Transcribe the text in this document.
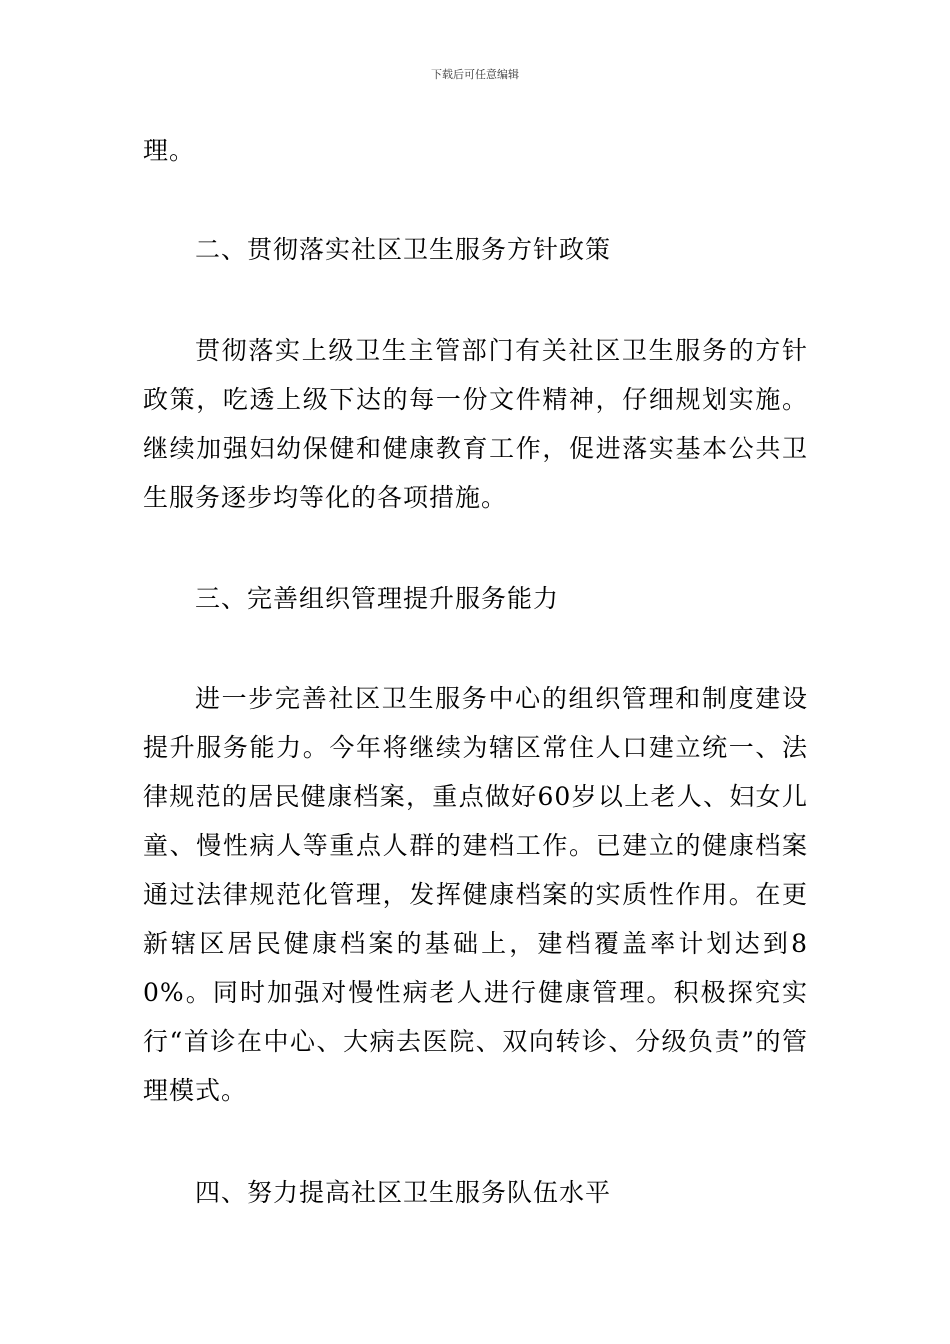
下载后可任意编辑

理。

二、贯彻落实社区卫生服务方针政策

贯彻落实上级卫生主管部门有关社区卫生服务的方针政策，吃透上级下达的每一份文件精神，仔细规划实施。继续加强妇幼保健和健康教育工作，促进落实基本公共卫生服务逐步均等化的各项措施。

三、完善组织管理提升服务能力

进一步完善社区卫生服务中心的组织管理和制度建设提升服务能力。今年将继续为辖区常住人口建立统一、法律规范的居民健康档案，重点做好60岁以上老人、妇女儿童、慢性病人等重点人群的建档工作。已建立的健康档案通过法律规范化管理，发挥健康档案的实质性作用。在更新辖区居民健康档案的基础上，建档覆盖率计划达到80%。同时加强对慢性病老人进行健康管理。积极探究实行“首诊在中心、大病去医院、双向转诊、分级负责”的管理模式。

四、努力提高社区卫生服务队伍水平
